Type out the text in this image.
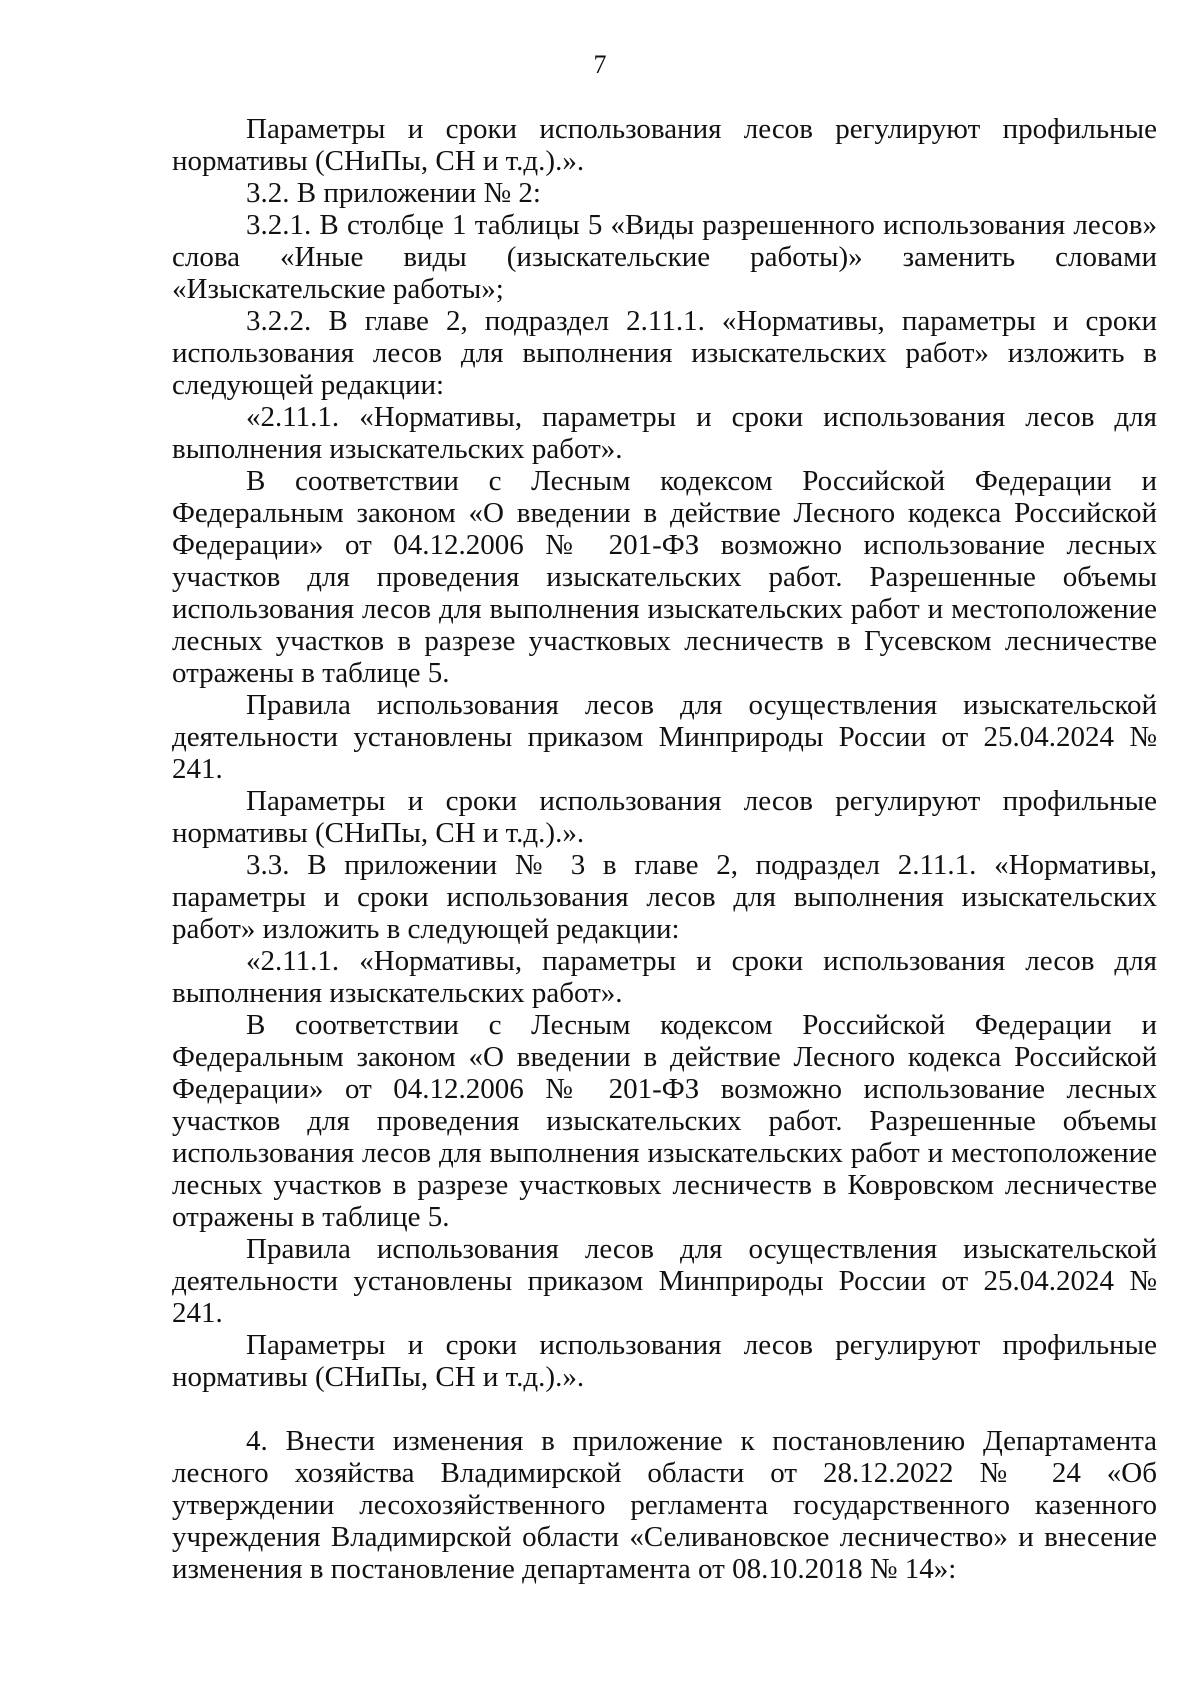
7

Параметры и сроки использования лесов регулируют профильные нормативы (СНиПы, СН и т.д.).».

3.2. В приложении № 2:

3.2.1. В столбце 1 таблицы 5 «Виды разрешенного использования лесов» слова «Иные виды (изыскательские работы)» заменить словами «Изыскательские работы»;

3.2.2. В главе 2, подраздел 2.11.1. «Нормативы, параметры и сроки использования лесов для выполнения изыскательских работ» изложить в следующей редакции:

«2.11.1. «Нормативы, параметры и сроки использования лесов для выполнения изыскательских работ».

В соответствии с Лесным кодексом Российской Федерации и Федеральным законом «О введении в действие Лесного кодекса Российской Федерации» от 04.12.2006 № 201-ФЗ возможно использование лесных участков для проведения изыскательских работ. Разрешенные объемы использования лесов для выполнения изыскательских работ и местоположение лесных участков в разрезе участковых лесничеств в Гусевском лесничестве отражены в таблице 5.

Правила использования лесов для осуществления изыскательской деятельности установлены приказом Минприроды России от 25.04.2024 № 241.

Параметры и сроки использования лесов регулируют профильные нормативы (СНиПы, СН и т.д.).».

3.3. В приложении № 3 в главе 2, подраздел 2.11.1. «Нормативы, параметры и сроки использования лесов для выполнения изыскательских работ» изложить в следующей редакции:

«2.11.1. «Нормативы, параметры и сроки использования лесов для выполнения изыскательских работ».

В соответствии с Лесным кодексом Российской Федерации и Федеральным законом «О введении в действие Лесного кодекса Российской Федерации» от 04.12.2006 № 201-ФЗ возможно использование лесных участков для проведения изыскательских работ. Разрешенные объемы использования лесов для выполнения изыскательских работ и местоположение лесных участков в разрезе участковых лесничеств в Ковровском лесничестве отражены в таблице 5.

Правила использования лесов для осуществления изыскательской деятельности установлены приказом Минприроды России от 25.04.2024 № 241.

Параметры и сроки использования лесов регулируют профильные нормативы (СНиПы, СН и т.д.).».

4. Внести изменения в приложение к постановлению Департамента лесного хозяйства Владимирской области от 28.12.2022 № 24 «Об утверждении лесохозяйственного регламента государственного казенного учреждения Владимирской области «Селивановское лесничество» и внесение изменения в постановление департамента от 08.10.2018 № 14»:
